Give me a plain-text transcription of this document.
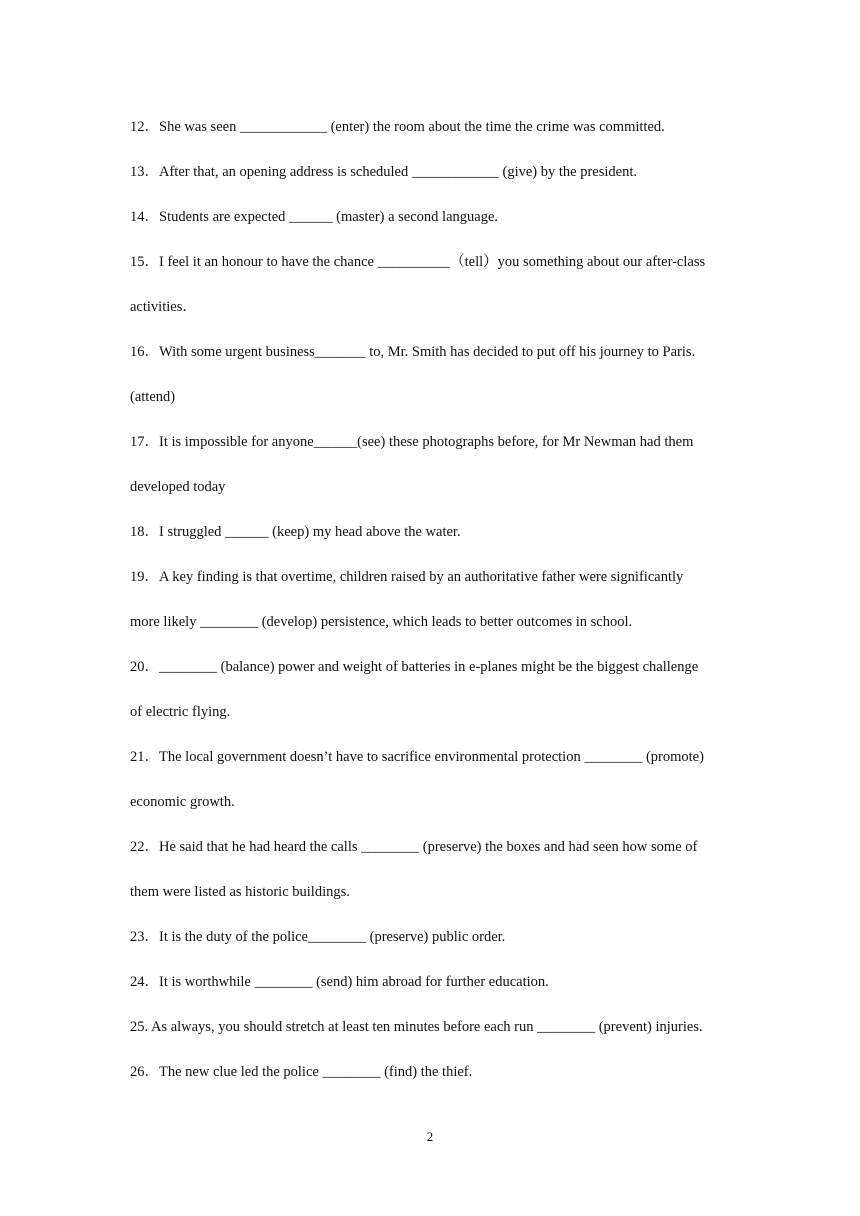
12．She was seen ____________ (enter) the room about the time the crime was committed.
13．After that, an opening address is scheduled ____________ (give) by the president.
14．Students are expected ______ (master) a second language.
15．I feel it an honour to have the chance __________（tell）you something about our after-class
activities．
16．With some urgent business_______ to, Mr. Smith has decided to put off his journey to Paris.
(attend)
17．It is impossible for anyone______(see) these photographs before, for Mr Newman had them
developed today
18．I struggled ______ (keep) my head above the water.
19．A key finding is that overtime, children raised by an authoritative father were significantly
more likely ________ (develop) persistence, which leads to better outcomes in school.
20．________ (balance) power and weight of batteries in e-planes might be the biggest challenge
of electric flying.
21．The local government doesn’t have to sacrifice environmental protection ________ (promote)
economic growth.
22．He said that he had heard the calls ________ (preserve) the boxes and had seen how some of
them were listed as historic buildings.
23．It is the duty of the police________ (preserve) public order.
24．It is worthwhile ________ (send) him abroad for further education.
25. As always, you should stretch at least ten minutes before each run ________ (prevent) injuries.
26．The new clue led the police ________ (find) the thief.
2
